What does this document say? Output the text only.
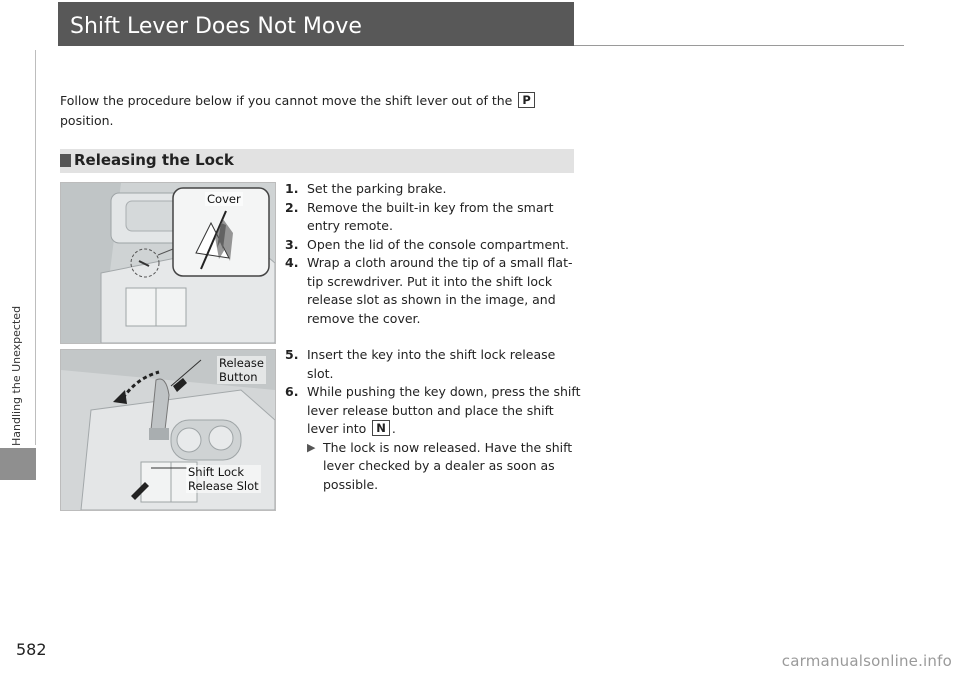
Handling the Unexpected
582
carmanualsonline.info
Shift Lever Does Not Move
Follow the procedure below if you cannot move the shift lever out of the P
position.
Releasing the Lock
Cover

1. Set the parking brake.

2. Remove the built-in key from the smart entry remote.

3. Open the lid of the console compartment.

4. Wrap a cloth around the tip of a small flat-tip screwdriver. Put it into the shift lock release slot as shown in the image, and remove the cover.

Release
Button
Shift Lock
Release Slot

5. Insert the key into the shift lock release slot.

6. While pushing the key down, press the shift lever release button and place the shift lever into N .

▶ The lock is now released. Have the shift lever checked by a dealer as soon as possible.
